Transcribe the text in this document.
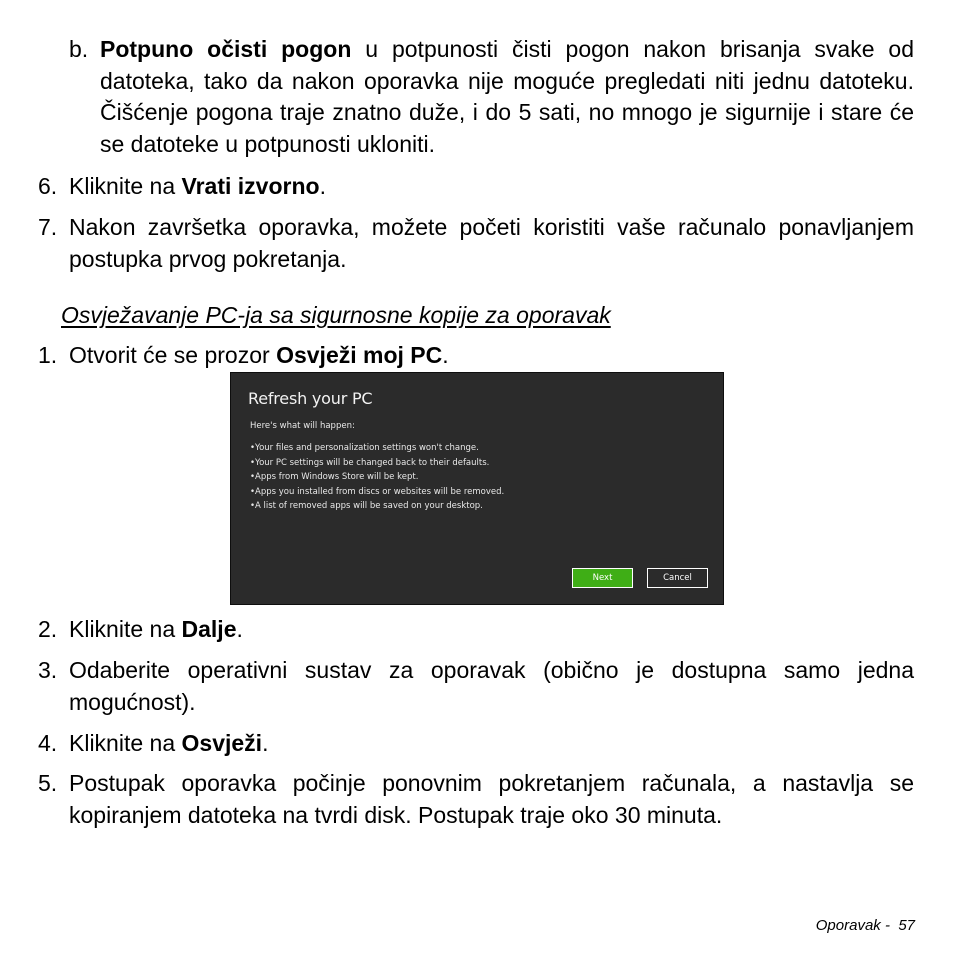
b. Potpuno očisti pogon u potpunosti čisti pogon nakon brisanja svake od datoteka, tako da nakon oporavka nije moguće pregledati niti jednu datoteku. Čišćenje pogona traje znatno duže, i do 5 sati, no mnogo je sigurnije i stare će se datoteke u potpunosti ukloniti.

6. Kliknite na Vrati izvorno.

7. Nakon završetka oporavka, možete početi koristiti vaše računalo ponavljanjem postupka prvog pokretanja.

Osvježavanje PC-ja sa sigurnosne kopije za oporavak
1. Otvorit će se prozor Osvježi moj PC.

Refresh your PC
Here's what will happen:
• Your files and personalization settings won't change.
• Your PC settings will be changed back to their defaults.
• Apps from Windows Store will be kept.
• Apps you installed from discs or websites will be removed.
• A list of removed apps will be saved on your desktop.
Next	Cancel
2. Kliknite na Dalje.

3. Odaberite operativni sustav za oporavak (obično je dostupna samo jedna mogućnost).

4. Kliknite na Osvježi.

5. Postupak oporavka počinje ponovnim pokretanjem računala, a nastavlja se kopiranjem datoteka na tvrdi disk. Postupak traje oko 30 minuta.

Oporavak - 57
